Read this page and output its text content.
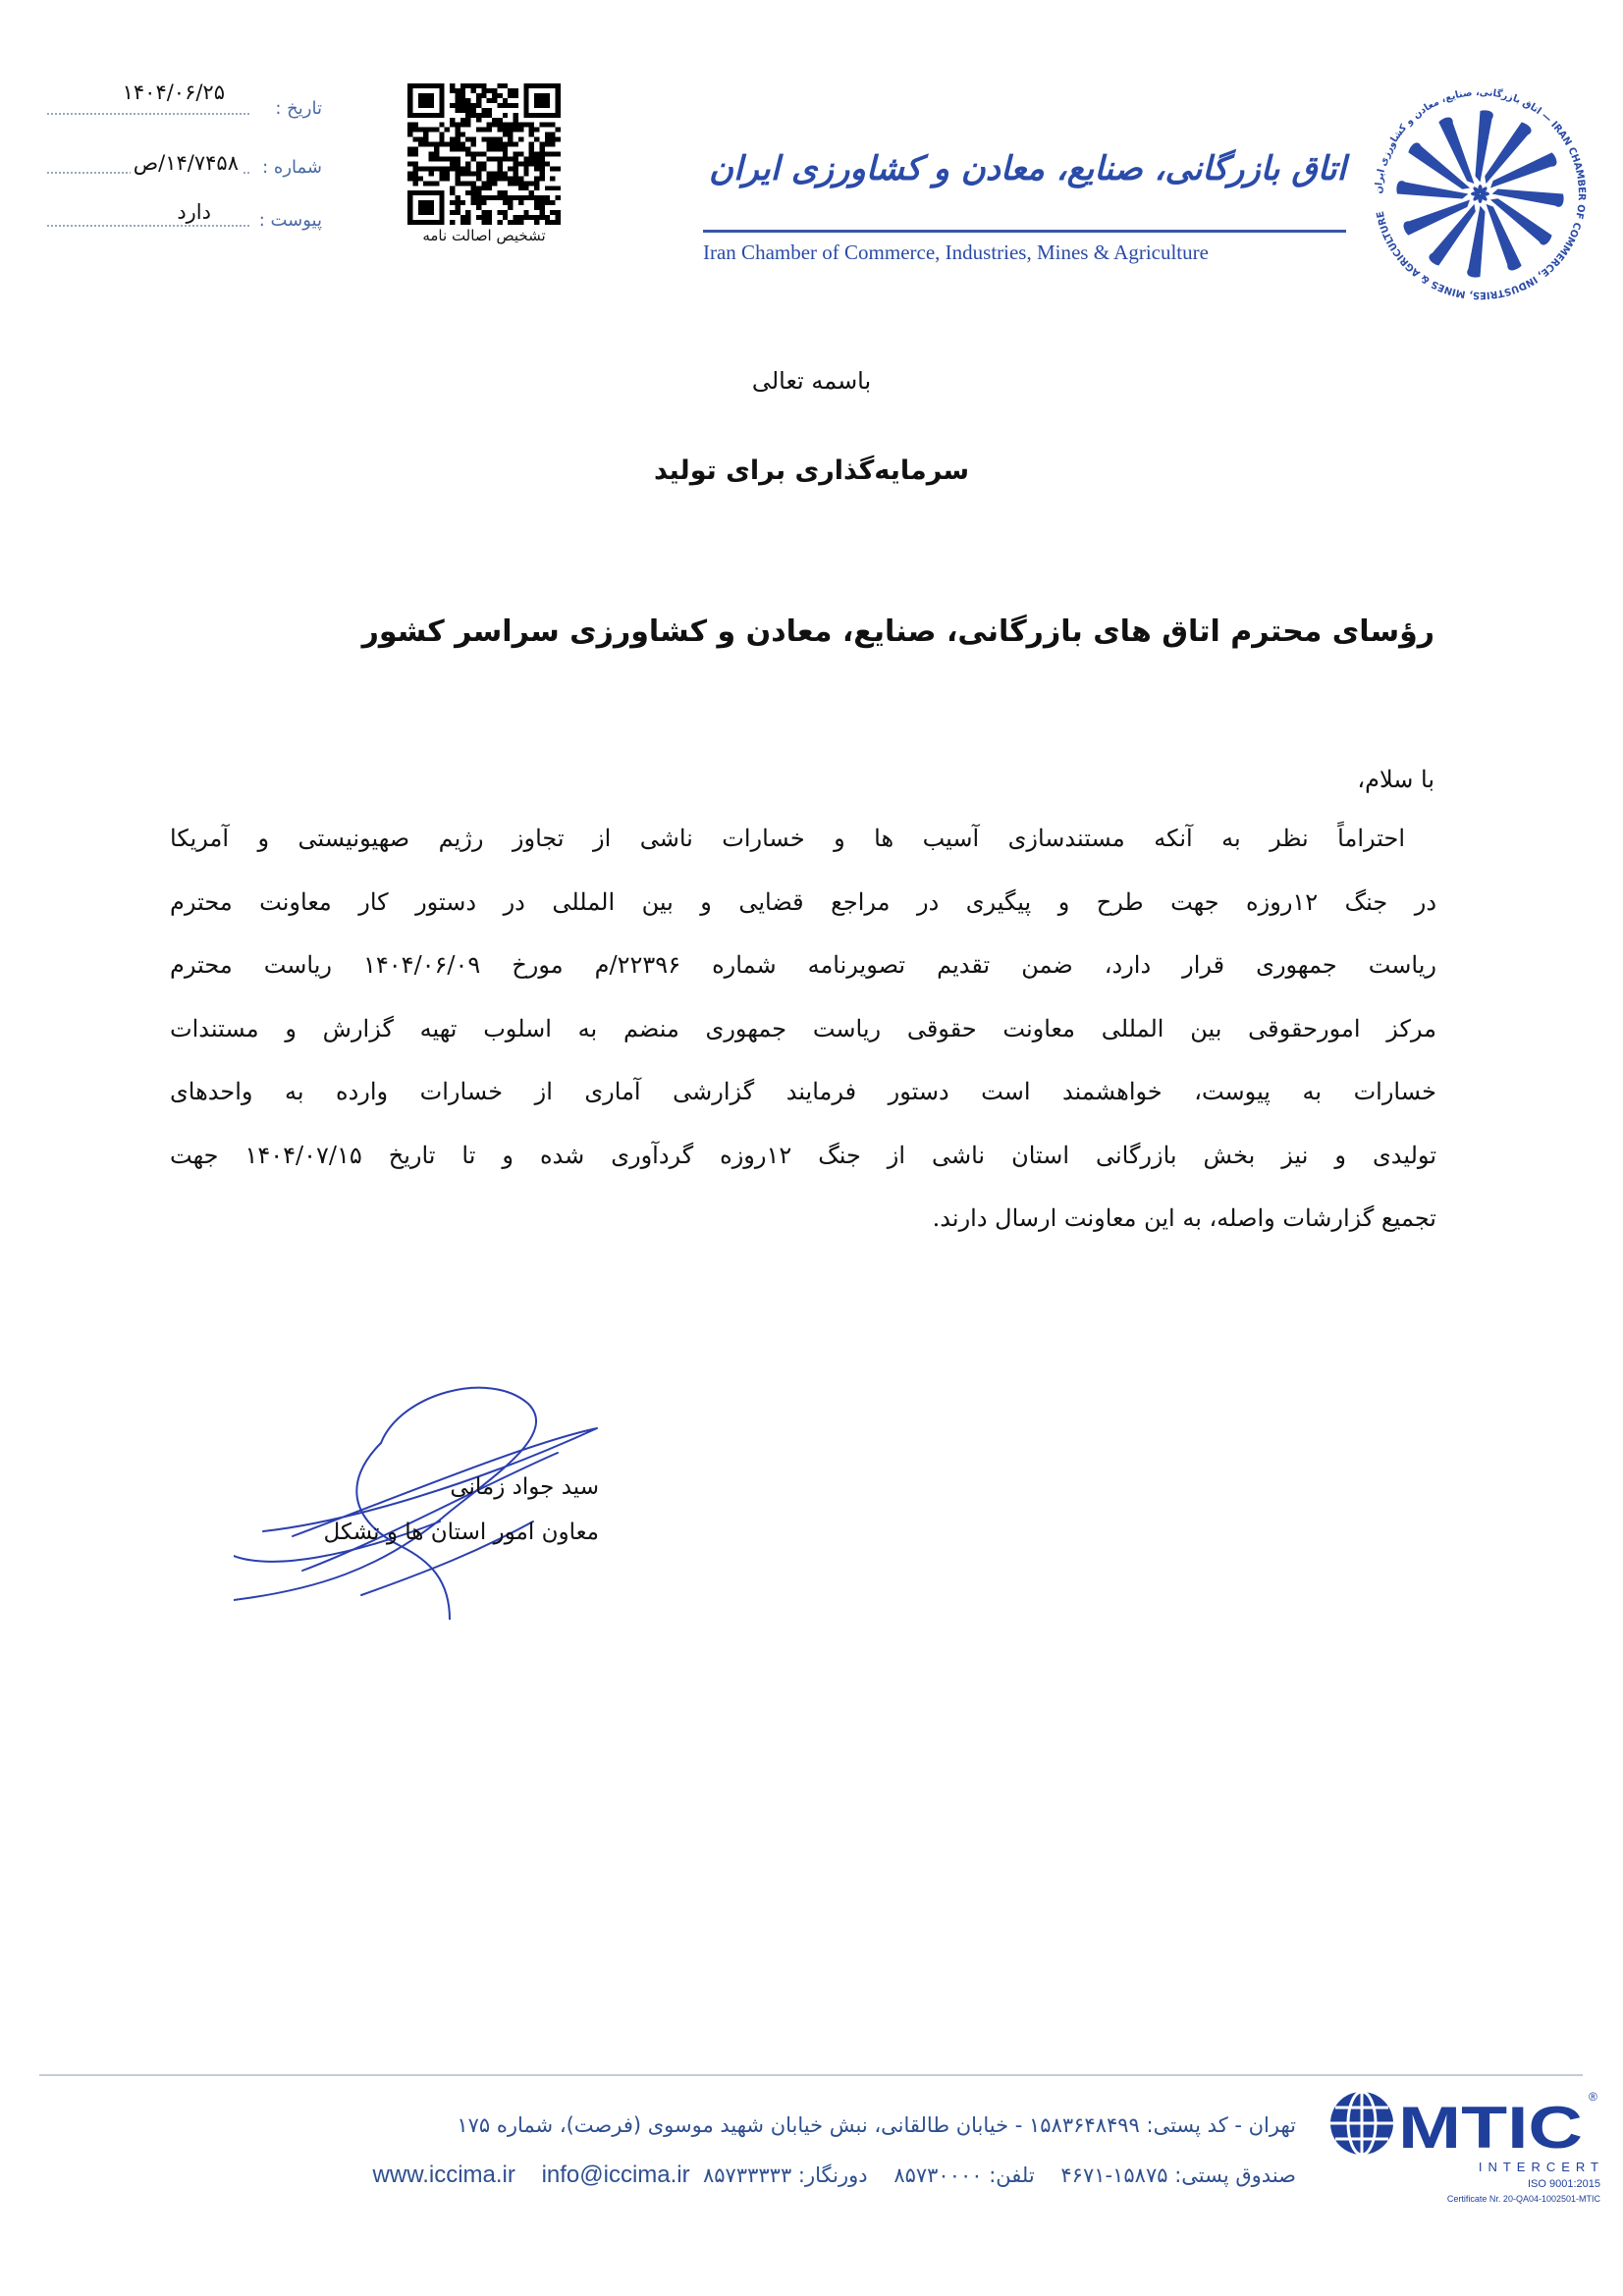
تاریخ :
۱۴۰۴/۰۶/۲۵
شماره :
۱۴/۷۴۵۸/ص
پیوست :
دارد
تشخیص اصالت نامه
اتاق بازرگانی، صنایع، معادن و کشاورزی ایران
Iran Chamber of Commerce, Industries, Mines & Agriculture
اتاق بازرگانی، صنایع، معادن و کشاورزی ایران — IRAN CHAMBER OF COMMERCE, INDUSTRIES, MINES & AGRICULTURE
باسمه تعالی
سرمایه‌گذاری برای تولید
رؤسای محترم اتاق های بازرگانی، صنایع، معادن و کشاورزی سراسر کشور
با سلام،
احتراماً نظر به آنکه مستندسازی آسیب ها و خسارات ناشی از تجاوز رژیم صهیونیستی و آمریکا
در جنگ ۱۲روزه جهت طرح و پیگیری در مراجع قضایی و بین المللی در دستور کار معاونت محترم
ریاست جمهوری قرار دارد، ضمن تقدیم تصویرنامه شماره ۲۲۳۹۶/م مورخ ۱۴۰۴/۰۶/۰۹ ریاست محترم
مرکز امورحقوقی بین المللی معاونت حقوقی ریاست جمهوری منضم به اسلوب تهیه گزارش و مستندات
خسارات به پیوست، خواهشمند است دستور فرمایند گزارشی آماری از خسارات وارده به واحدهای
تولیدی و نیز بخش بازرگانی استان ناشی از جنگ ۱۲روزه گردآوری شده و تا تاریخ ۱۴۰۴/۰۷/۱۵ جهت
تجمیع گزارشات واصله، به این معاونت ارسال دارند.
سید جواد زمانی
معاون امور استان ها و تشکل
تهران - کد پستی: ۱۵۸۳۶۴۸۴۹۹ - خیابان طالقانی، نبش خیابان شهید موسوی (فرصت)، شماره ۱۷۵
صندوق پستی: ۱۵۸۷۵-۴۶۷۱    تلفن: ۸۵۷۳۰۰۰۰    دورنگار: ۸۵۷۳۳۳۳۳  info@iccima.ir    www.iccima.ir
MTIC ®
INTERCERT
ISO 9001:2015
Certificate Nr. 20-QA04-1002501-MTIC
